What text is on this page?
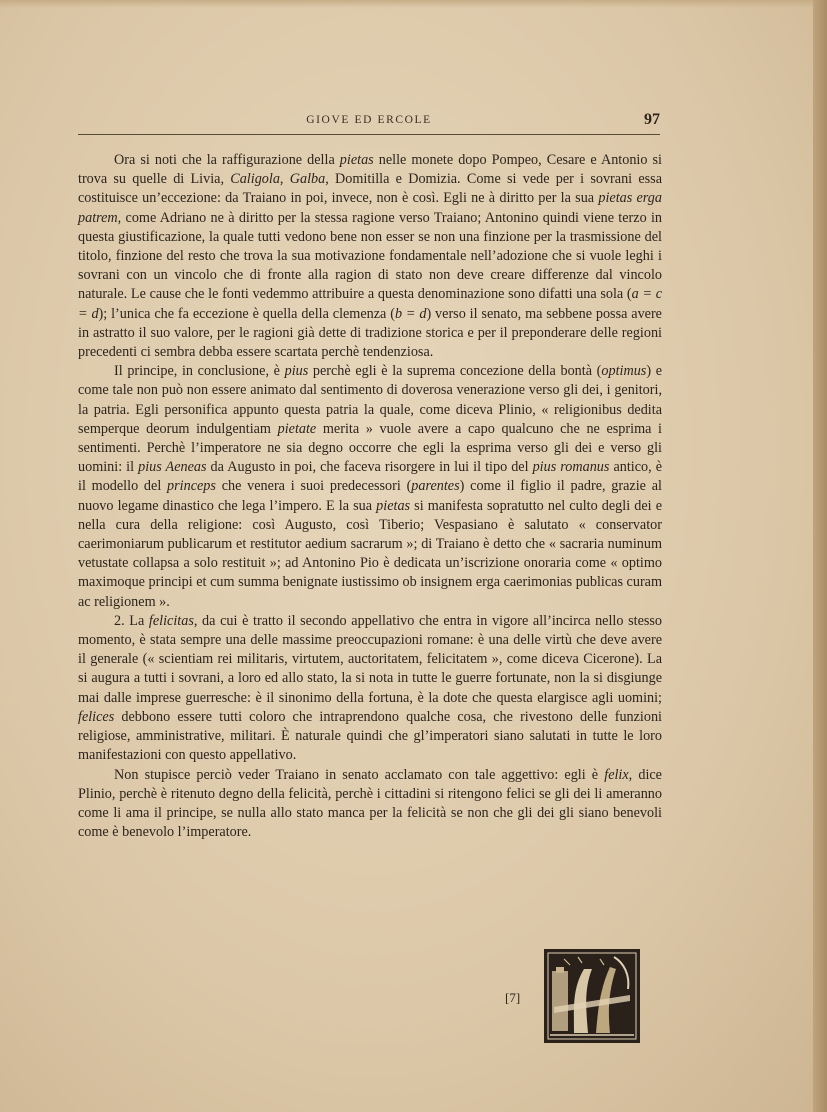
GIOVE ED ERCOLE	97

Ora si noti che la raffigurazione della pietas nelle monete dopo Pompeo, Cesare e Antonio si trova su quelle di Livia, Caligola, Galba, Domitilla e Domizia. Come si vede per i sovrani essa costituisce un’eccezione: da Traiano in poi, invece, non è così. Egli ne à diritto per la sua pietas erga patrem, come Adriano ne à diritto per la stessa ragione verso Traiano; Antonino quindi viene terzo in questa giustificazione, la quale tutti vedono bene non esser se non una finzione per la trasmissione del titolo, finzione del resto che trova la sua motivazione fondamentale nell’adozione che si vuole leghi i sovrani con un vincolo che di fronte alla ragion di stato non deve creare differenze dal vincolo naturale. Le cause che le fonti vedemmo attribuire a questa denominazione sono difatti una sola (a = c = d); l’unica che fa eccezione è quella della clemenza (b = d) verso il senato, ma sebbene possa avere in astratto il suo valore, per le ragioni già dette di tradizione storica e per il preponderare delle regioni precedenti ci sembra debba essere scartata perchè tendenziosa.

Il principe, in conclusione, è pius perchè egli è la suprema concezione della bontà (optimus) e come tale non può non essere animato dal sentimento di doverosa venerazione verso gli dei, i genitori, la patria. Egli personifica appunto questa patria la quale, come diceva Plinio, « religionibus dedita semperque deorum indulgentiam pietate merita » vuole avere a capo qualcuno che ne esprima i sentimenti. Perchè l’imperatore ne sia degno occorre che egli la esprima verso gli dei e verso gli uomini: il pius Aeneas da Augusto in poi, che faceva risorgere in lui il tipo del pius romanus antico, è il modello del princeps che venera i suoi predecessori (parentes) come il figlio il padre, grazie al nuovo legame dinastico che lega l’impero. E la sua pietas si manifesta sopratutto nel culto degli dei e nella cura della religione: così Augusto, così Tiberio; Vespasiano è salutato « conservator caerimoniarum publicarum et restitutor aedium sacrarum »; di Traiano è detto che « sacraria numinum vetustate collapsa a solo restituit »; ad Antonino Pio è dedicata un’iscrizione onoraria come « optimo maximoque principi et cum summa benignate iustissimo ob insignem erga caerimonias publicas curam ac religionem ».

2. La felicitas, da cui è tratto il secondo appellativo che entra in vigore all’incirca nello stesso momento, è stata sempre una delle massime preoccupazioni romane: è una delle virtù che deve avere il generale (« scientiam rei militaris, virtutem, auctoritatem, felicitatem », come diceva Cicerone). La si augura a tutti i sovrani, a loro ed allo stato, la si nota in tutte le guerre fortunate, non la si disgiunge mai dalle imprese guerresche: è il sinonimo della fortuna, è la dote che questa elargisce agli uomini; felices debbono essere tutti coloro che intraprendono qualche cosa, che rivestono delle funzioni religiose, amministrative, militari. È naturale quindi che gl’imperatori siano salutati in tutte le loro manifestazioni con questo appellativo.

Non stupisce perciò veder Traiano in senato acclamato con tale aggettivo: egli è felix, dice Plinio, perchè è ritenuto degno della felicità, perchè i cittadini si ritengono felici se gli dei li ameranno come li ama il principe, se nulla allo stato manca per la felicità se non che gli dei gli siano benevoli come è benevolo l’imperatore.

[7]
